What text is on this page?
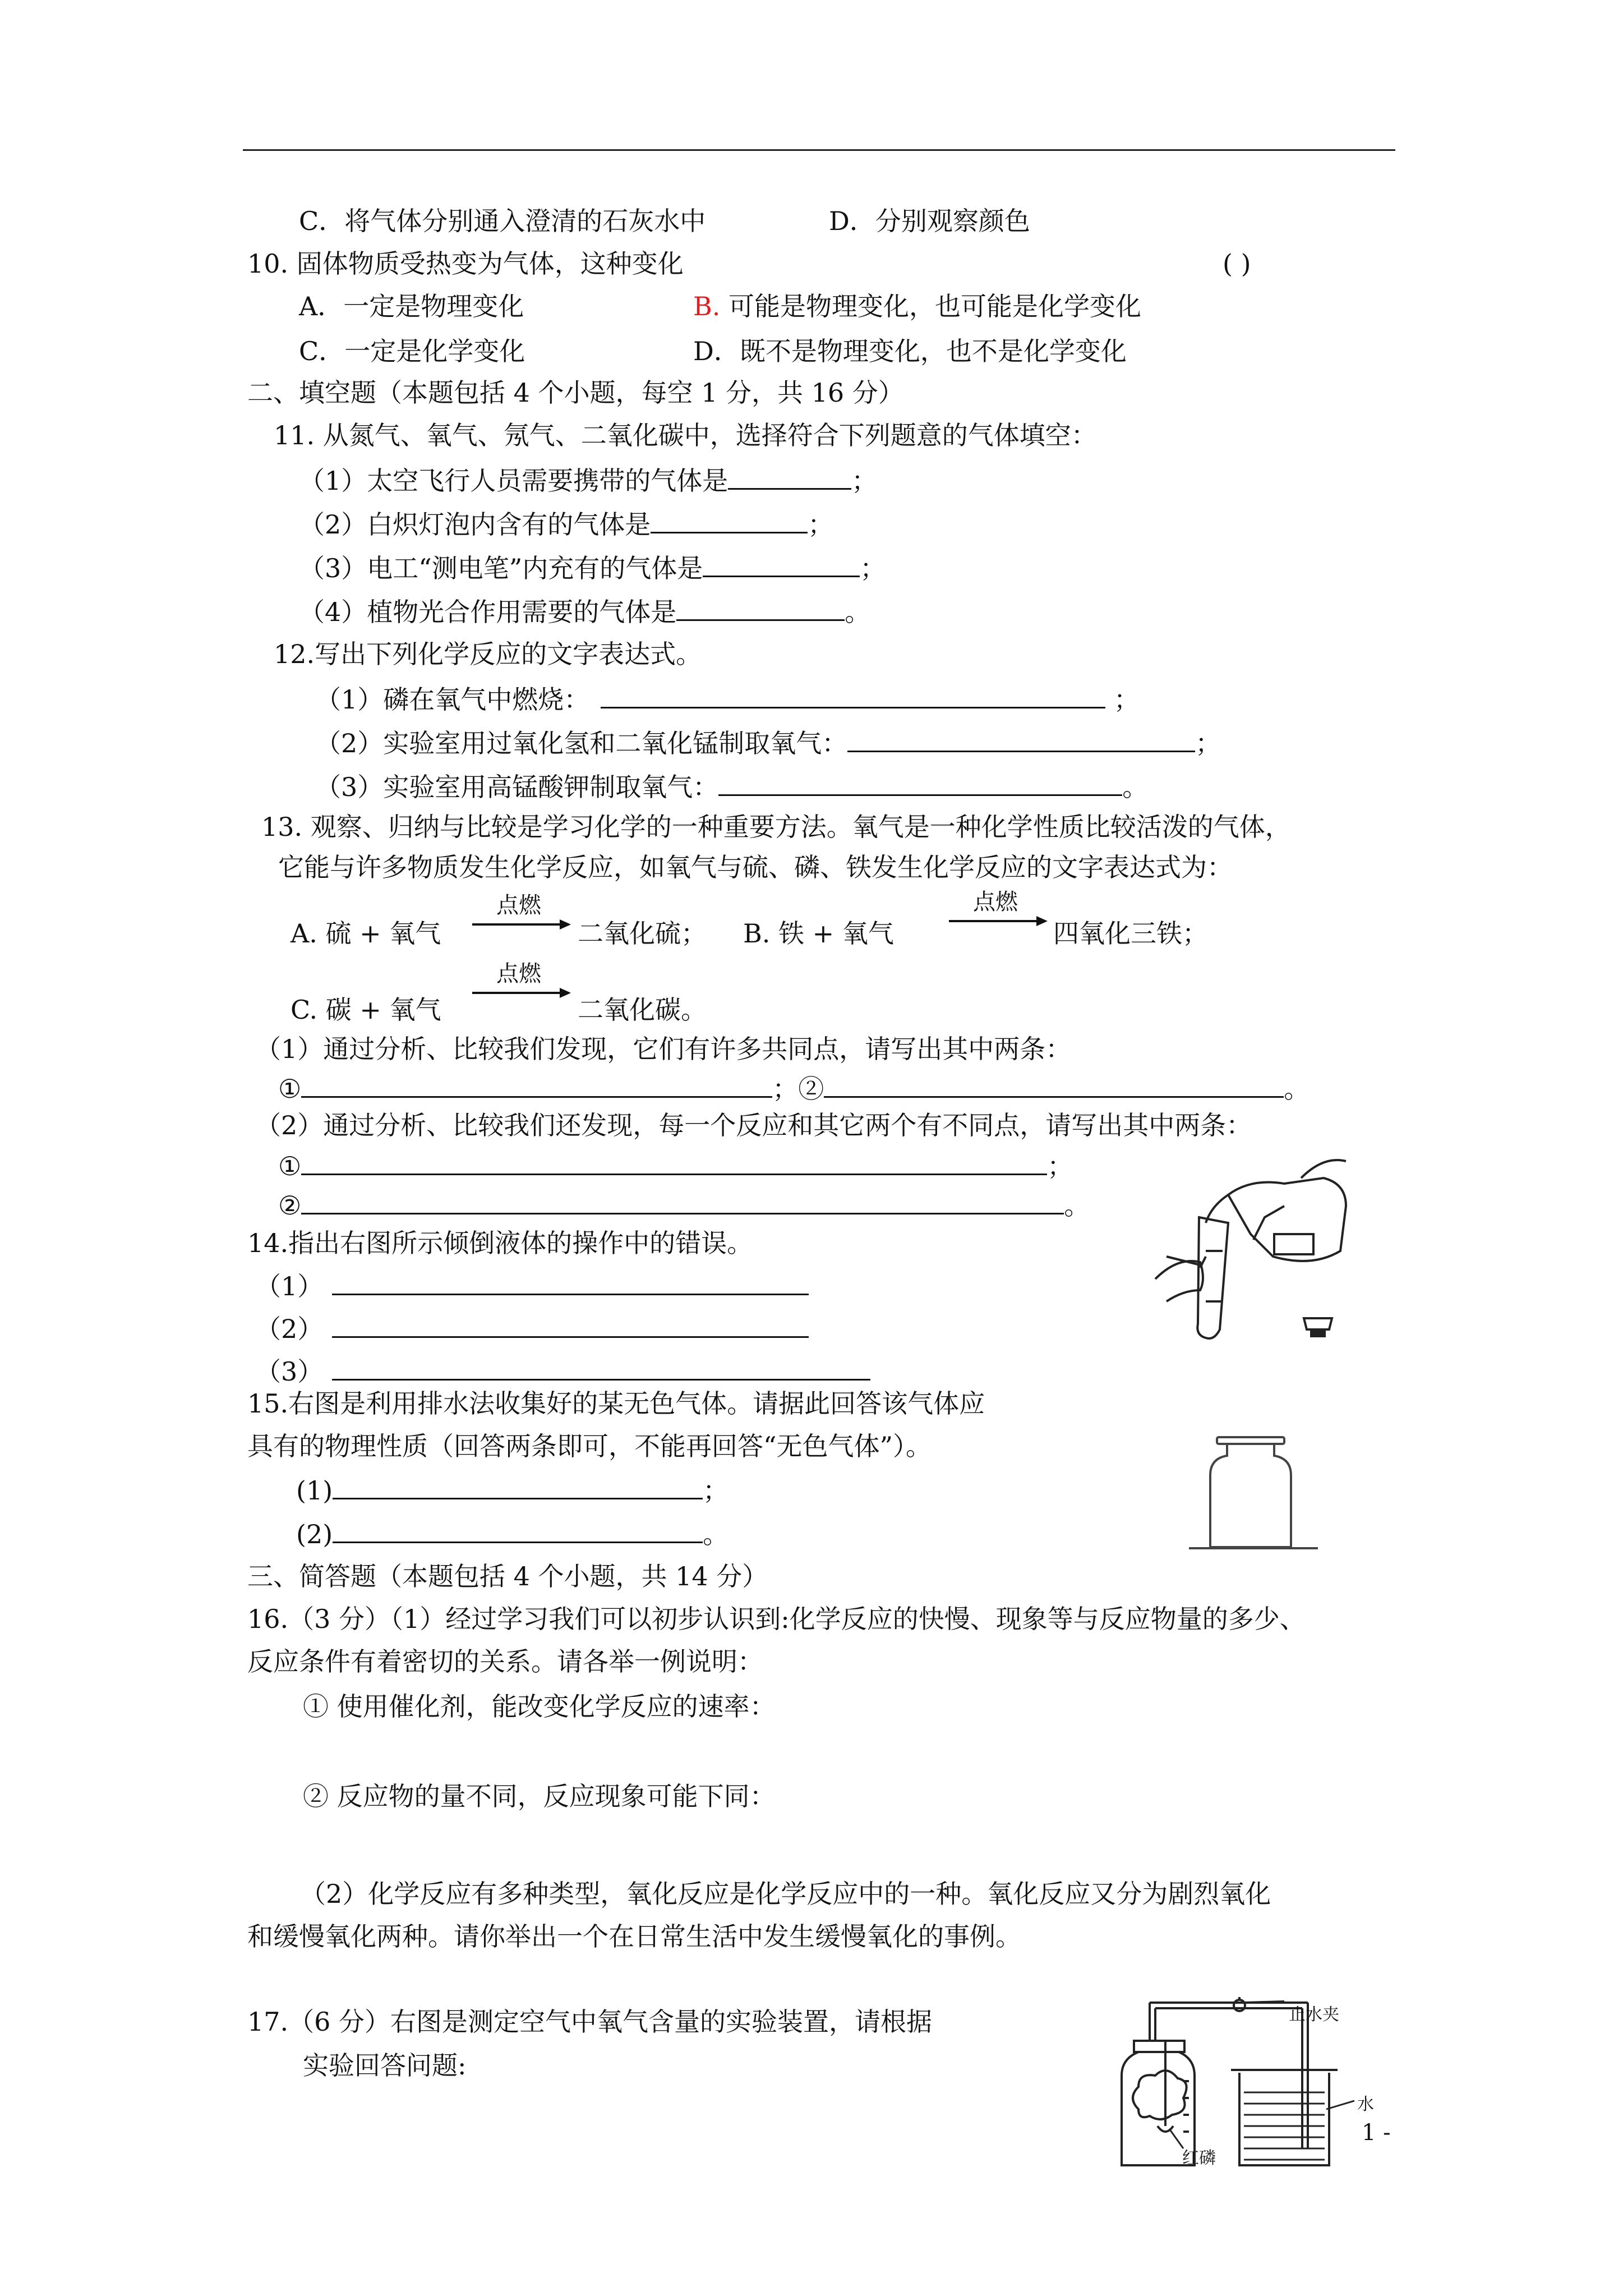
C．将气体分别通入澄清的石灰水中	D．分别观察颜色
10. 固体物质受热变为气体，这种变化	( )
A．一定是物理变化	B. 可能是物理变化，也可能是化学变化
C．一定是化学变化	D．既不是物理变化，也不是化学变化
二、填空题（本题包括 4 个小题，每空 1 分，共 16 分）
11. 从氮气、氧气、氖气、二氧化碳中，选择符合下列题意的气体填空：
（1）太空飞行人员需要携带的气体是	；
（2）白炽灯泡内含有的气体是	；
（3）电工“测电笔”内充有的气体是	；
（4）植物光合作用需要的气体是	。
12.写出下列化学反应的文字表达式。
（1）磷在氧气中燃烧：	；
（2）实验室用过氧化氢和二氧化锰制取氧气：	；
（3）实验室用高锰酸钾制取氧气：	。
13. 观察、归纳与比较是学习化学的一种重要方法。氧气是一种化学性质比较活泼的气体，
它能与许多物质发生化学反应，如氧气与硫、磷、铁发生化学反应的文字表达式为：
A. 硫 + 氧气
点燃
二氧化硫； B. 铁 + 氧气
点燃
四氧化三铁；
C. 碳 + 氧气
点燃
二氧化碳。
（1）通过分析、比较我们发现，它们有许多共同点，请写出其中两条：
①	；②	。
（2）通过分析、比较我们还发现，每一个反应和其它两个有不同点，请写出其中两条：
①	；
②	。
14.指出右图所示倾倒液体的操作中的错误。
（1）
（2）
（3）
15.右图是利用排水法收集好的某无色气体。请据此回答该气体应
具有的物理性质（回答两条即可，不能再回答“无色气体”）。
(1)	；
(2)	。
三、简答题（本题包括 4 个小题，共 14 分）
16.（3 分）（1）经过学习我们可以初步认识到:化学反应的快慢、现象等与反应物量的多少、
反应条件有着密切的关系。请各举一例说明：
① 使用催化剂，能改变化学反应的速率：
② 反应物的量不同，反应现象可能下同：
（2）化学反应有多种类型，氧化反应是化学反应中的一种。氧化反应又分为剧烈氧化
和缓慢氧化两种。请你举出一个在日常生活中发生缓慢氧化的事例。
17.（6 分）右图是测定空气中氧气含量的实验装置，请根据
实验回答问题:
止水夹
水
红磷
1 -
